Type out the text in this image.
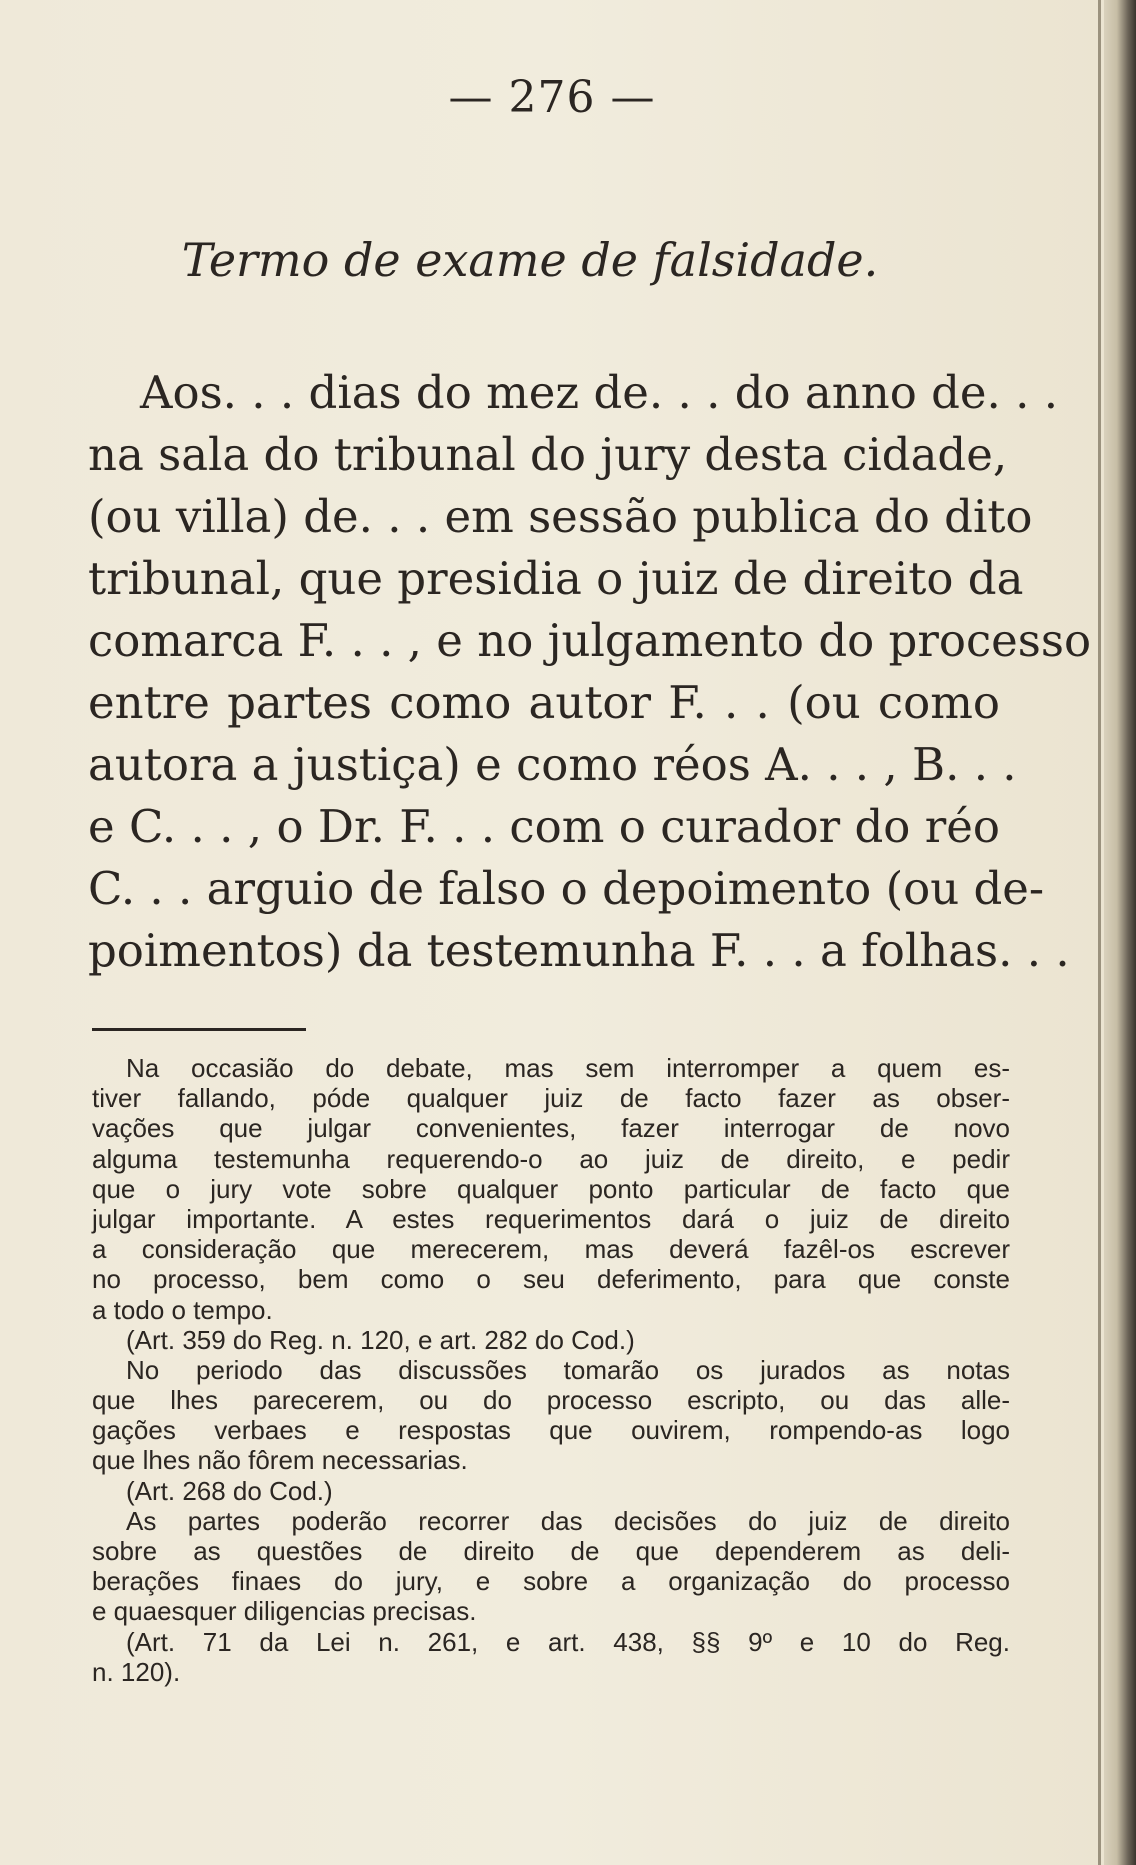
— 276 —
Termo de exame de falsidade.
Aos. . . dias do mez de. . . do anno de. . .
na sala do tribunal do jury desta cidade,
(ou villa) de. . . em sessão publica do dito
tribunal, que presidia o juiz de direito da
comarca F. . . , e no julgamento do processo
entre partes como autor F. . . (ou como
autora a justiça) e como réos A. . . , B. . .
e C. . . , o Dr. F. . . com o curador do réo
C. . . arguio de falso o depoimento (ou de-
poimentos) da testemunha F. . . a folhas. . .
Na occasião do debate, mas sem interromper a quem es-
tiver fallando, póde qualquer juiz de facto fazer as obser-
vações que julgar convenientes, fazer interrogar de novo
alguma testemunha requerendo-o ao juiz de direito, e pedir
que o jury vote sobre qualquer ponto particular de facto que
julgar importante. A estes requerimentos dará o juiz de direito
a consideração que merecerem, mas deverá fazêl-os escrever
no processo, bem como o seu deferimento, para que conste
a todo o tempo.
(Art. 359 do Reg. n. 120, e art. 282 do Cod.)
No periodo das discussões tomarão os jurados as notas
que lhes parecerem, ou do processo escripto, ou das alle-
gações verbaes e respostas que ouvirem, rompendo-as logo
que lhes não fôrem necessarias.
(Art. 268 do Cod.)
As partes poderão recorrer das decisões do juiz de direito
sobre as questões de direito de que dependerem as deli-
berações finaes do jury, e sobre a organização do processo
e quaesquer diligencias precisas.
(Art. 71 da Lei n. 261, e art. 438, §§ 9º e 10 do Reg.
n. 120).
